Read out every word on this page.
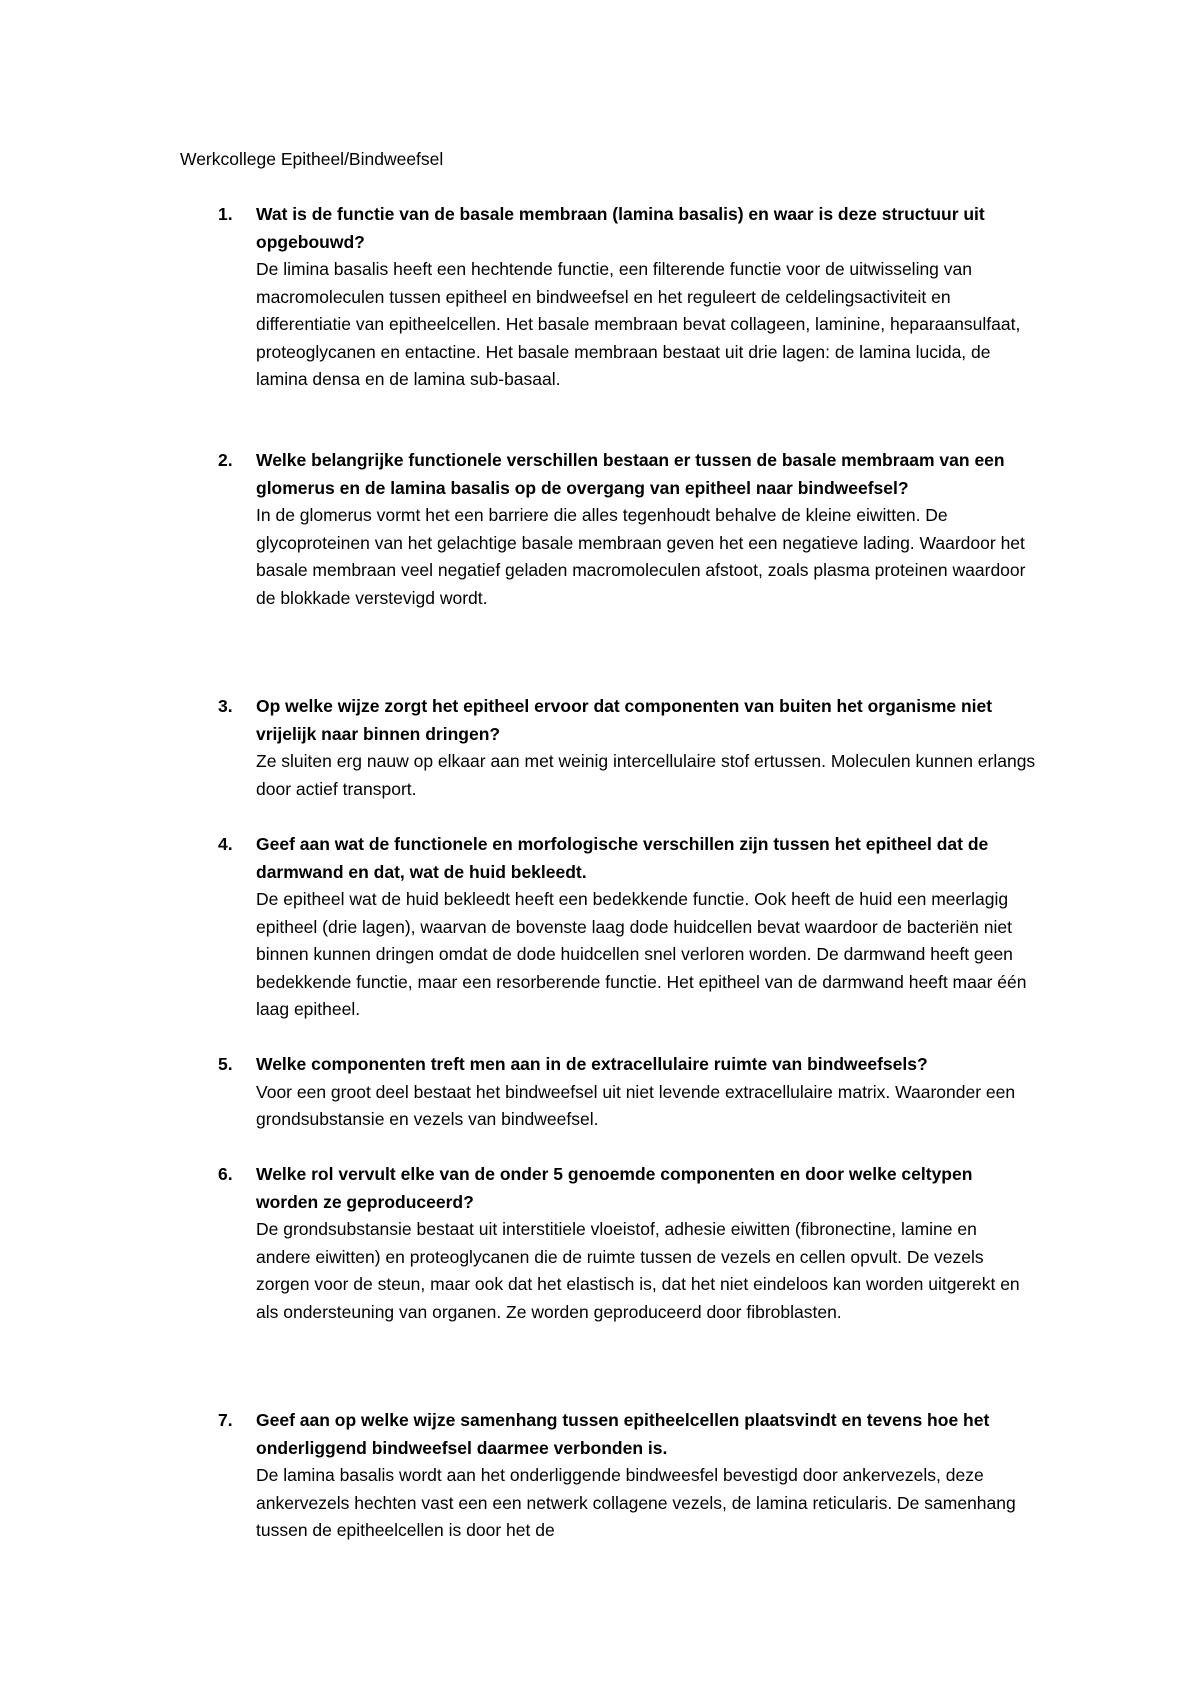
Werkcollege Epitheel/Bindweefsel
1. Wat is de functie van de basale membraan (lamina basalis) en waar is deze structuur uit opgebouwd?
De limina basalis heeft een hechtende functie, een filterende functie voor de uitwisseling van macromoleculen tussen epitheel en bindweefsel en het reguleert de celdelingsactiviteit en differentiatie van epitheelcellen. Het basale membraan bevat collageen, laminine, heparaansulfaat, proteoglycanen en entactine. Het basale membraan bestaat uit drie lagen: de lamina lucida, de lamina densa en de lamina sub-basaal.
2. Welke belangrijke functionele verschillen bestaan er tussen de basale membraam van een glomerus en de lamina basalis op de overgang van epitheel naar bindweefsel?
In de glomerus vormt het een barriere die alles tegenhoudt behalve de kleine eiwitten. De glycoproteinen van het gelachtige basale membraan geven het een negatieve lading. Waardoor het basale membraan veel negatief geladen macromoleculen afstoot, zoals plasma proteinen waardoor de blokkade verstevigd wordt.
3. Op welke wijze zorgt het epitheel ervoor dat componenten van buiten het organisme niet vrijelijk naar binnen dringen?
Ze sluiten erg nauw op elkaar aan met weinig intercellulaire stof ertussen. Moleculen kunnen erlangs door actief transport.
4. Geef aan wat de functionele en morfologische verschillen zijn tussen het epitheel dat de darmwand en dat, wat de huid bekleedt.
De epitheel wat de huid bekleedt heeft een bedekkende functie. Ook heeft de huid een meerlagig epitheel (drie lagen), waarvan de bovenste laag dode huidcellen bevat waardoor de bacteriën niet binnen kunnen dringen omdat de dode huidcellen snel verloren worden. De darmwand heeft geen bedekkende functie, maar een resorberende functie. Het epitheel van de darmwand heeft maar één laag epitheel.
5. Welke componenten treft men aan in de extracellulaire ruimte van bindweefsels?
Voor een groot deel bestaat het bindweefsel uit niet levende extracellulaire matrix. Waaronder een grondsubstansie en vezels van bindweefsel.
6. Welke rol vervult elke van de onder 5 genoemde componenten en door welke celtypen worden ze geproduceerd?
De grondsubstansie bestaat uit interstitiele vloeistof, adhesie eiwitten (fibronectine, lamine en andere eiwitten) en proteoglycanen die de ruimte tussen de vezels en cellen opvult. De vezels zorgen voor de steun, maar ook dat het elastisch is, dat het niet eindeloos kan worden uitgerekt en als ondersteuning van organen. Ze worden geproduceerd door fibroblasten.
7. Geef aan op welke wijze samenhang tussen epitheelcellen plaatsvindt en tevens hoe het onderliggend bindweefsel daarmee verbonden is.
De lamina basalis wordt aan het onderliggende bindweesfel bevestigd door ankervezels, deze ankervezels hechten vast een een netwerk collagene vezels, de lamina reticularis. De samenhang tussen de epitheelcellen is door het de
